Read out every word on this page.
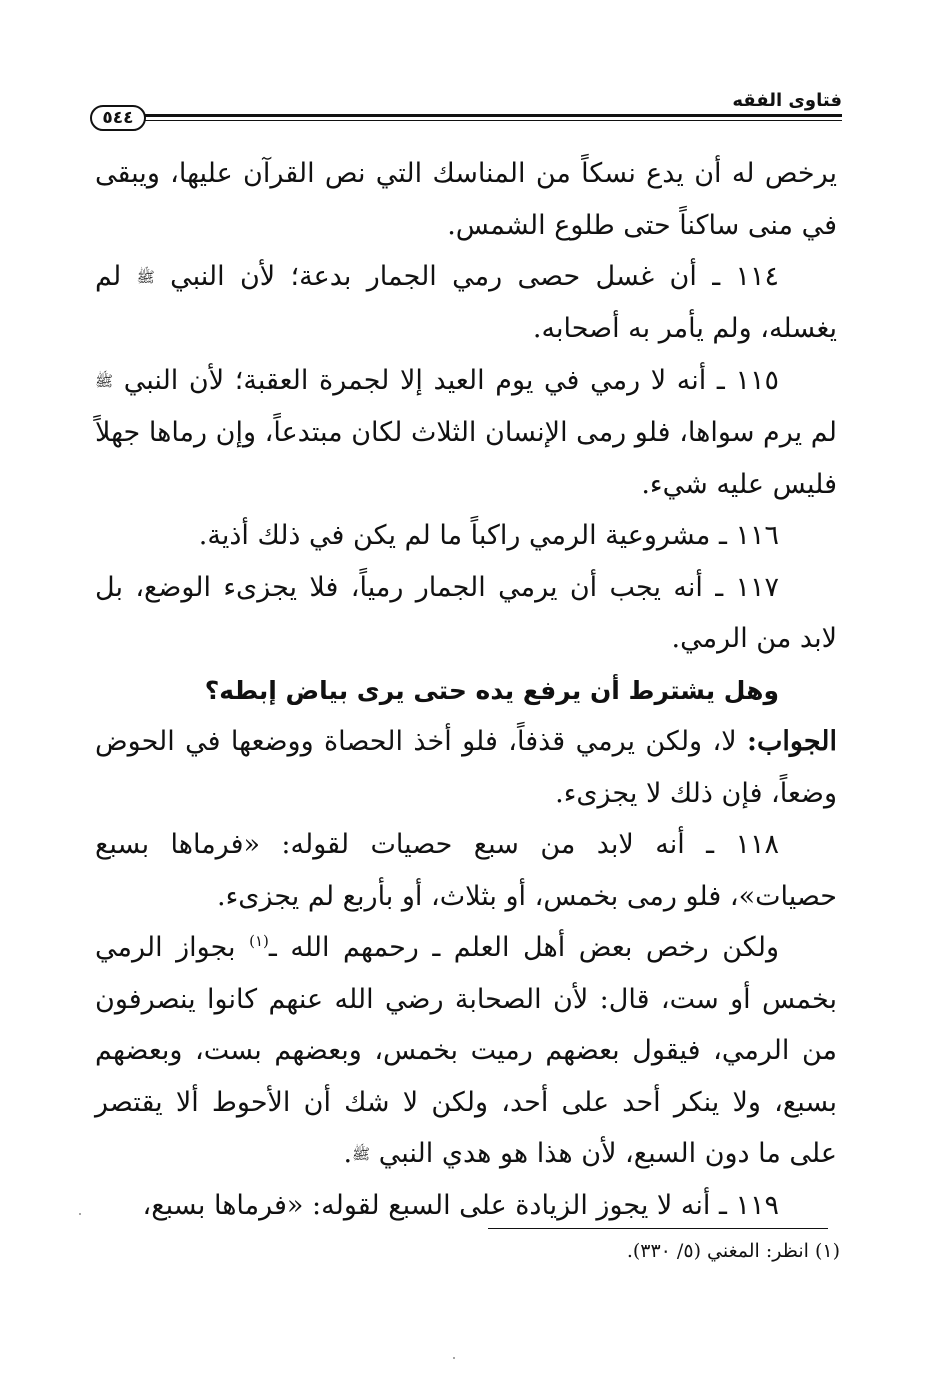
فتاوى الفقه
٥٤٤

يرخص له أن يدع نسكاً من المناسك التي نص القرآن عليها، ويبقى في منى ساكناً حتى طلوع الشمس.

١١٤ ـ أن غسل حصى رمي الجمار بدعة؛ لأن النبي ﷺ لم يغسله، ولم يأمر به أصحابه.

١١٥ ـ أنه لا رمي في يوم العيد إلا لجمرة العقبة؛ لأن النبي ﷺ لم يرم سواها، فلو رمى الإنسان الثلاث لكان مبتدعاً، وإن رماها جهلاً فليس عليه شيء.

١١٦ ـ مشروعية الرمي راكباً ما لم يكن في ذلك أذية.

١١٧ ـ أنه يجب أن يرمي الجمار رمياً، فلا يجزىء الوضع، بل لابد من الرمي.

وهل يشترط أن يرفع يده حتى يرى بياض إبطه؟

الجواب: لا، ولكن يرمي قذفاً، فلو أخذ الحصاة ووضعها في الحوض وضعاً، فإن ذلك لا يجزىء.

١١٨ ـ أنه لابد من سبع حصيات لقوله: «فرماها بسبع حصيات»، فلو رمى بخمس، أو بثلاث، أو بأربع لم يجزىء.

ولكن رخص بعض أهل العلم ـ رحمهم الله ـ$^{(١)}$ بجواز الرمي بخمس أو ست، قال: لأن الصحابة رضي الله عنهم كانوا ينصرفون من الرمي، فيقول بعضهم رميت بخمس، وبعضهم بست، وبعضهم بسبع، ولا ينكر أحد على أحد، ولكن لا شك أن الأحوط ألا يقتصر على ما دون السبع، لأن هذا هو هدي النبي ﷺ.

١١٩ ـ أنه لا يجوز الزيادة على السبع لقوله: «فرماها بسبع،

(١) انظر: المغني (٥/ ٣٣٠).
